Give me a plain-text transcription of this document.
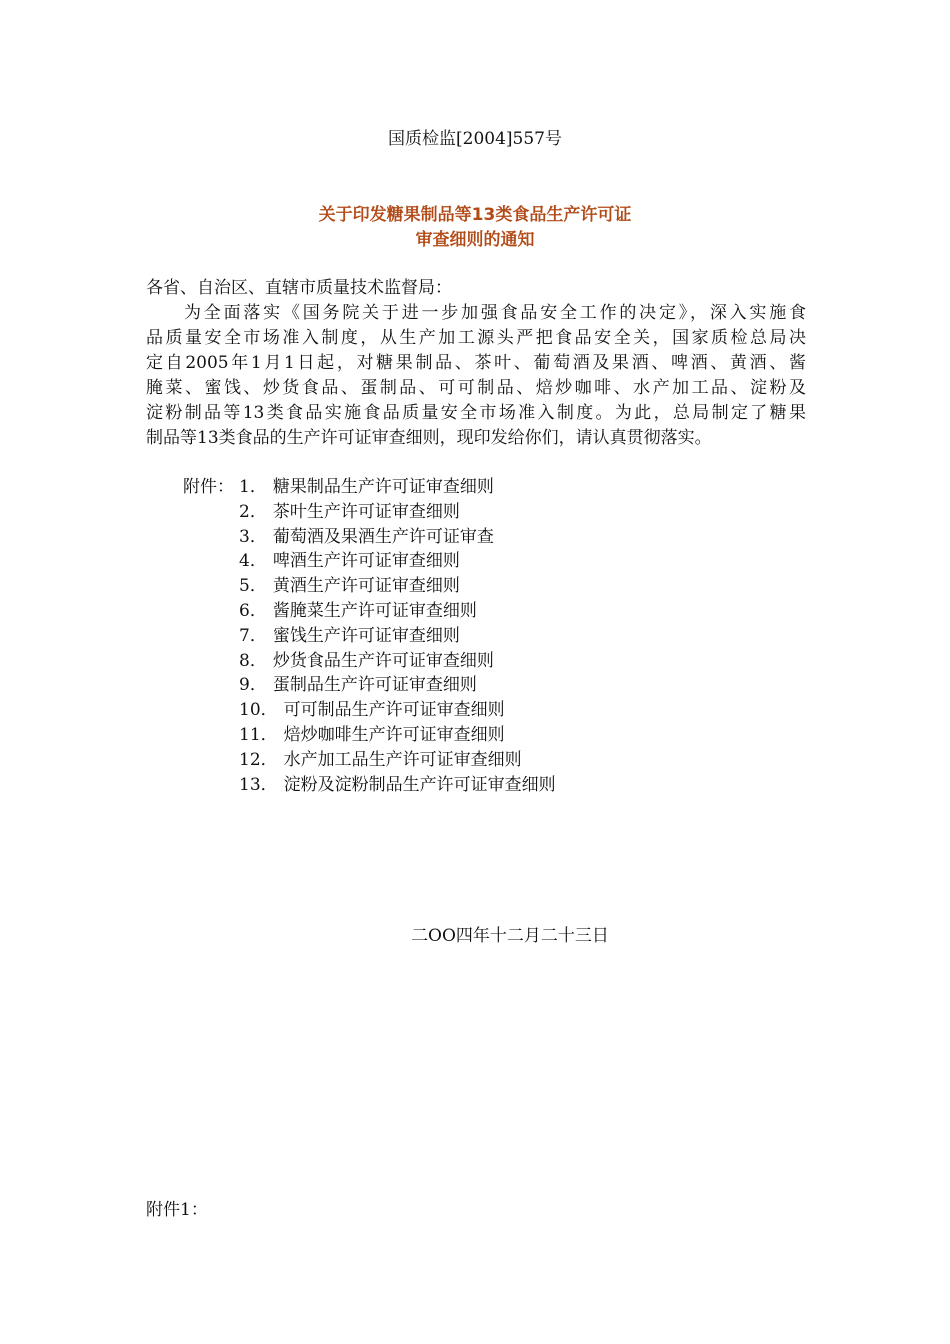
国质检监[2004]557号
关于印发糖果制品等13类食品生产许可证
审查细则的通知
各省、自治区、直辖市质量技术监督局：
为全面落实《国务院关于进一步加强食品安全工作的决定》，深入实施食
品质量安全市场准入制度，从生产加工源头严把食品安全关，国家质检总局决
定自2005年1月1日起，对糖果制品、茶叶、葡萄酒及果酒、啤酒、黄酒、酱
腌菜、蜜饯、炒货食品、蛋制品、可可制品、焙炒咖啡、水产加工品、淀粉及
淀粉制品等13类食品实施食品质量安全市场准入制度。为此，总局制定了糖果
制品等13类食品的生产许可证审查细则，现印发给你们，请认真贯彻落实。
附件： 1． 糖果制品生产许可证审查细则
2． 茶叶生产许可证审查细则
3． 葡萄酒及果酒生产许可证审查
4． 啤酒生产许可证审查细则
5． 黄酒生产许可证审查细则
6． 酱腌菜生产许可证审查细则
7． 蜜饯生产许可证审查细则
8． 炒货食品生产许可证审查细则
9． 蛋制品生产许可证审查细则
10． 可可制品生产许可证审查细则
11． 焙炒咖啡生产许可证审查细则
12． 水产加工品生产许可证审查细则
13． 淀粉及淀粉制品生产许可证审查细则
二OO四年十二月二十三日
附件1：
